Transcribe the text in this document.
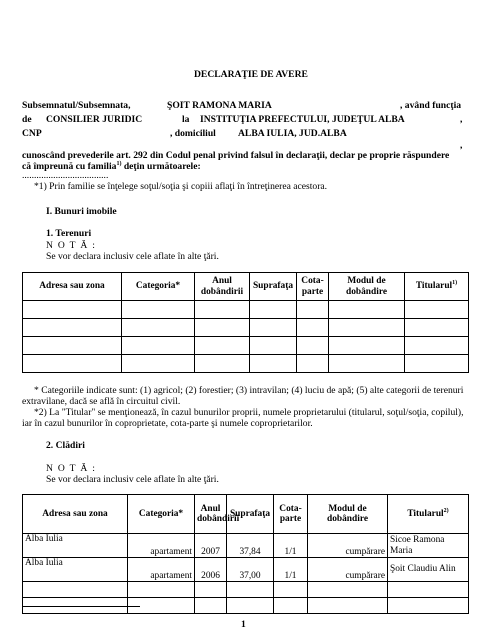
DECLARAŢIE DE AVERE
Subsemnatul/Subsemnata,	ŞOIT RAMONA MARIA	, având funcţia
de CONSILIER JURIDIC	la INSTITUŢIA PREFECTULUI, JUDEŢUL ALBA	,
CNP	, domiciliul ALBA IULIA, JUD.ALBA
,
cunoscând prevederile art. 292 din Codul penal privind falsul în declaraţii, declar pe proprie răspundere
că împreună cu familia$^{1)}$ deţin următoarele:
....................................
*1) Prin familie se înţelege soţul/soţia şi copiii aflaţi în întreţinerea acestora.
I. Bunuri imobile
1. Terenuri
N O T Ă :
Se vor declara inclusiv cele aflate în alte ţări.
Adresa sau zona	Categoria*	Anul dobândirii	Suprafaţa	Cota-parte	Modul de dobândire	Titularul$^{1)}$

* Categoriile indicate sunt: (1) agricol; (2) forestier; (3) intravilan; (4) luciu de apă; (5) alte categorii de terenuri
extravilane, dacă se află în circuitul civil.
*2) La "Titular" se menţionează, în cazul bunurilor proprii, numele proprietarului (titularul, soţul/soţia, copilul),
iar în cazul bunurilor în coproprietate, cota-parte şi numele coproprietarilor.
2. Clădiri
N O T Ă :
Se vor declara inclusiv cele aflate în alte ţări.
Adresa sau zona	Categoria*	Anul dobândirii	Suprafaţa	Cota-parte	Modul de dobândire	Titularul$^{2)}$
Alba Iulia	apartament	2007	37,84	1/1	cumpărare	Sicoe Ramona Maria
Alba Iulia	apartament	2006	37,00	1/1	cumpărare	Şoit Claudiu Alin

1
